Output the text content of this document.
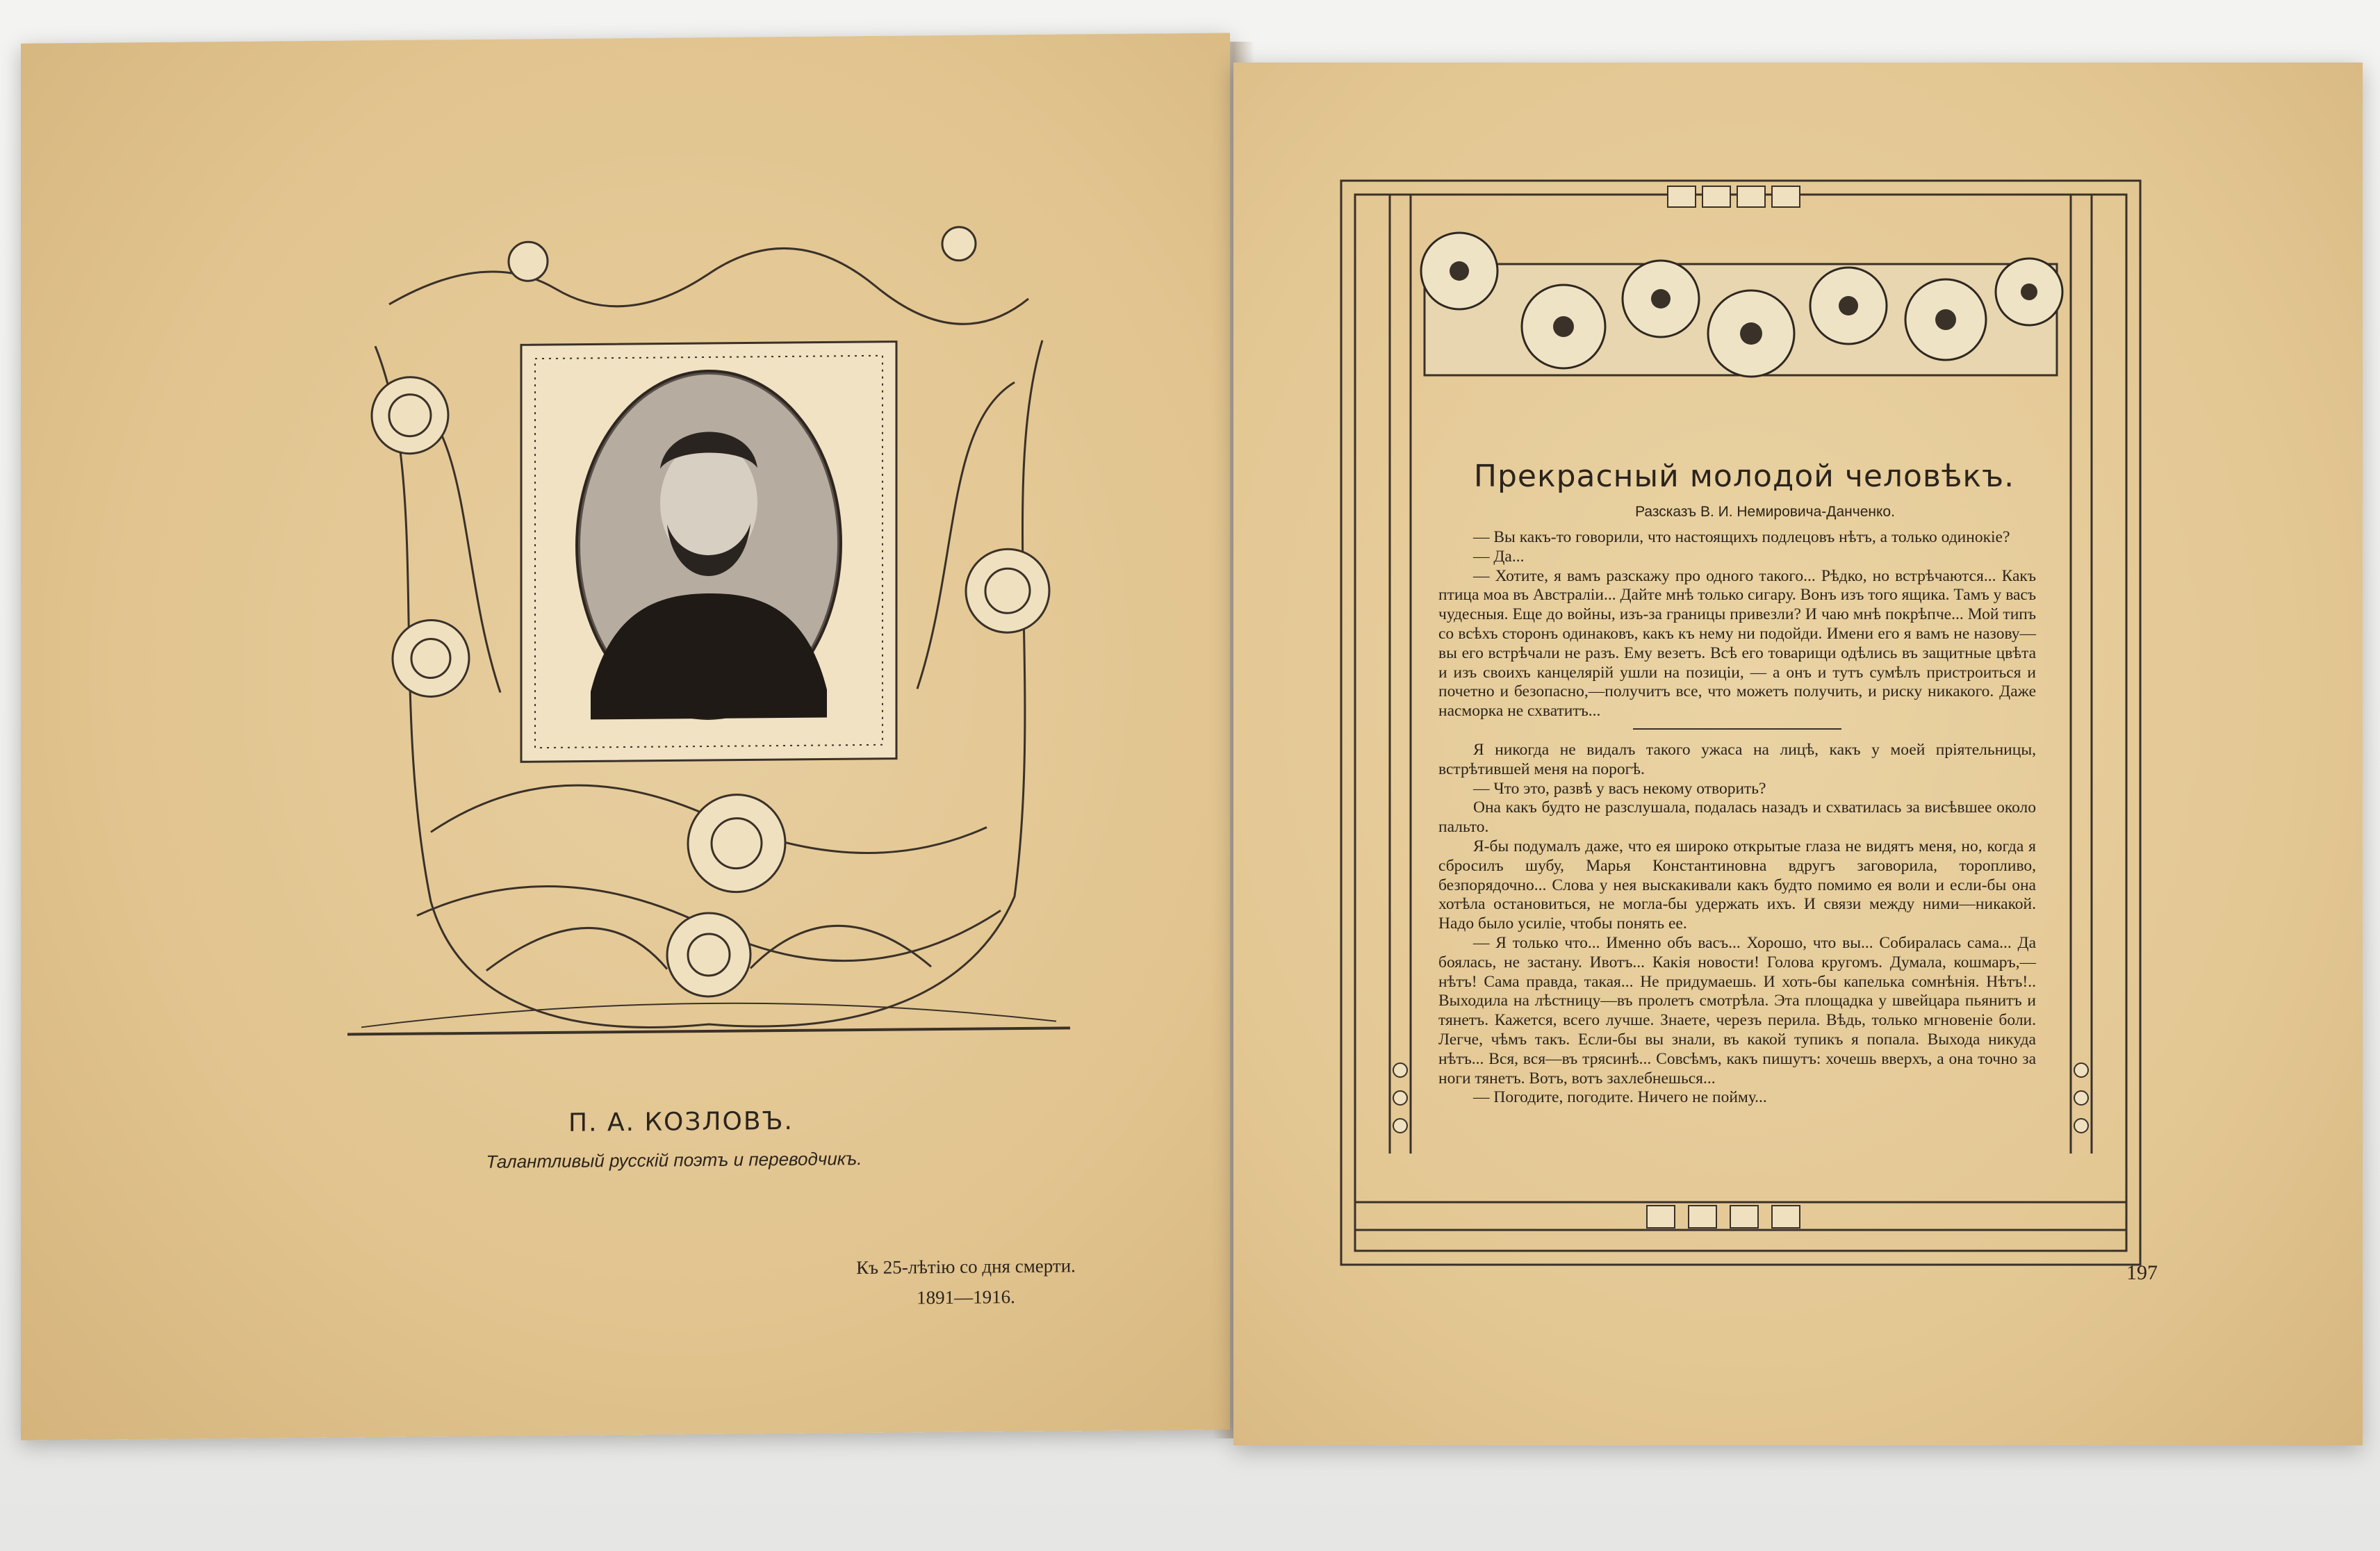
П. А. КОЗЛОВЪ.
Талантливый русскiй поэтъ и переводчикъ.
Къ 25-лѣтiю со дня смерти.
1891—1916.
Прекрасный молодой человѣкъ.
Разсказъ В. И. Немировича-Данченко.

— Вы какъ-то говорили, что настоящихъ подлецовъ нѣтъ, а только одинокiе?

— Да...

— Хотите, я вамъ разскажу про одного такого... Рѣдко, но встрѣчаются... Какъ птица моа въ Австралiи... Дайте мнѣ только сигару. Вонъ изъ того ящика. Тамъ у васъ чудесныя. Еще до войны, изъ-за границы привезли? И чаю мнѣ покрѣпче... Мой типъ со всѣхъ сторонъ одинаковъ, какъ къ нему ни подойди. Имени его я вамъ не назову—вы его встрѣчали не разъ. Ему везетъ. Всѣ его товарищи одѣлись въ защитные цвѣта и изъ своихъ канцелярiй ушли на позицiи, — а онъ и тутъ сумѣлъ пристроиться и почетно и безопасно,—получитъ все, что можетъ получить, и риску никакого. Даже насморка не схватитъ...

Я никогда не видалъ такого ужаса на лицѣ, какъ у моей прiятельницы, встрѣтившей меня на порогѣ.

— Что это, развѣ у васъ некому отворить?

Она какъ будто не разслушала, подалась назадъ и схватилась за висѣвшее около пальто.

Я-бы подумалъ даже, что ея широко открытые глаза не видятъ меня, но, когда я сбросилъ шубу, Марья Константиновна вдругъ заговорила, торопливо, безпорядочно... Слова у нея выскакивали какъ будто помимо ея воли и если-бы она хотѣла остановиться, не могла-бы удержать ихъ. И связи между ними—никакой. Надо было усилiе, чтобы понять ее.

— Я только что... Именно объ васъ... Хорошо, что вы... Собиралась сама... Да боялась, не застану. Ивотъ... Какiя новости! Голова кругомъ. Думала, кошмаръ,—нѣтъ! Сама правда, такая... Не придумаешь. И хоть-бы капелька сомнѣнiя. Нѣтъ!.. Выходила на лѣстницу—въ пролетъ смотрѣла. Эта площадка у швейцара пьянитъ и тянетъ. Кажется, всего лучше. Знаете, черезъ перила. Вѣдь, только мгновенiе боли. Легче, чѣмъ такъ. Если-бы вы знали, въ какой тупикъ я попала. Выхода никуда нѣтъ... Вся, вся—въ трясинѣ... Совсѣмъ, какъ пишутъ: хочешь вверхъ, а она точно за ноги тянетъ. Вотъ, вотъ захлебнешься...

— Погодите, погодите. Ничего не пойму...

197
